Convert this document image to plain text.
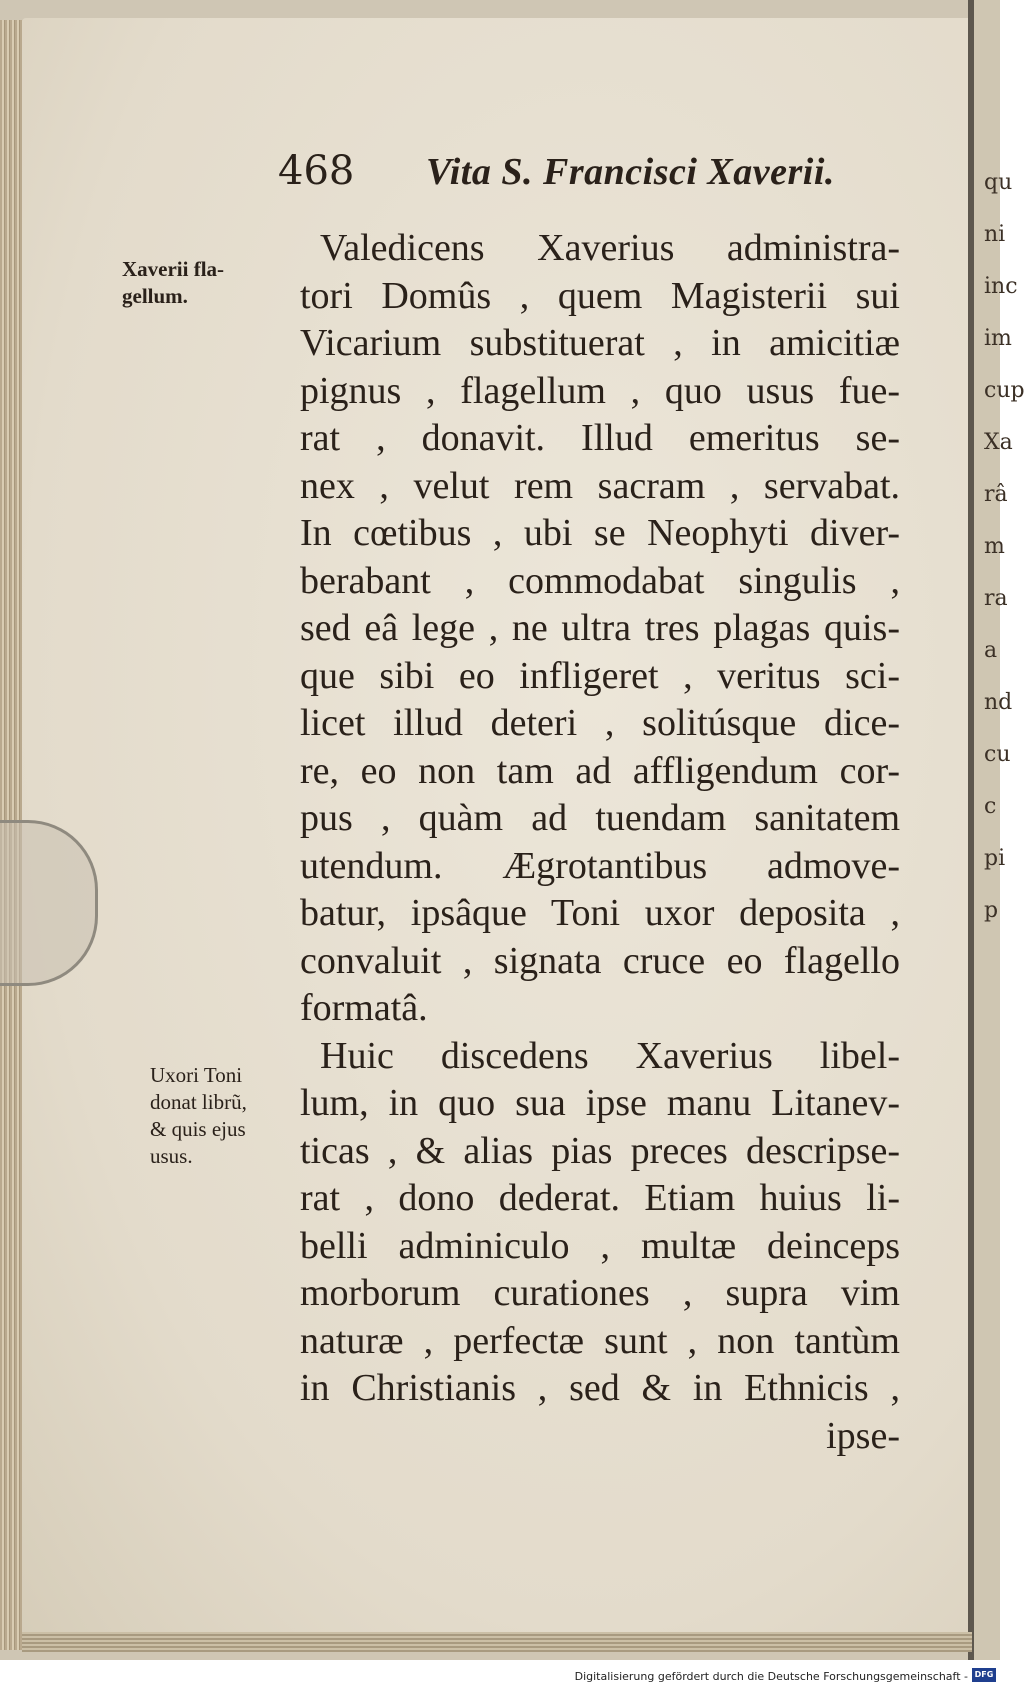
qu
ni
inc
im
cup
Xa
râ
m
ra
a
nd
cu
c
pi
p
468 Vita S. Francisci Xaverii.
Xaverii fla-
gellum.
Uxori Toni
donat librũ,
& quis ejus
usus.
Valedicens Xaverius administra-
tori Domûs , quem Magisterii sui
Vicarium substituerat , in amicitiæ
pignus , flagellum , quo usus fue-
rat , donavit. Illud emeritus se-
nex , velut rem sacram , servabat.
In cœtibus , ubi se Neophyti diver-
berabant , commodabat singulis ,
sed eâ lege , ne ultra tres plagas quis-
que sibi eo infligeret , veritus sci-
licet illud deteri , solitúsque dice-
re, eo non tam ad affligendum cor-
pus , quàm ad tuendam sanitatem
utendum. Ægrotantibus admove-
batur, ipsâque Toni uxor deposita ,
convaluit , signata cruce eo flagello
formatâ.
Huic discedens Xaverius libel-
lum, in quo sua ipse manu Litanev-
ticas , & alias pias preces descripse-
rat , dono dederat. Etiam huius li-
belli adminiculo , multæ deinceps
morborum curationes , supra vim
naturæ , perfectæ sunt , non tantùm
in Christianis , sed & in Ethnicis ,
ipse-
Digitalisierung gefördert durch die Deutsche Forschungsgemeinschaft - DFG
